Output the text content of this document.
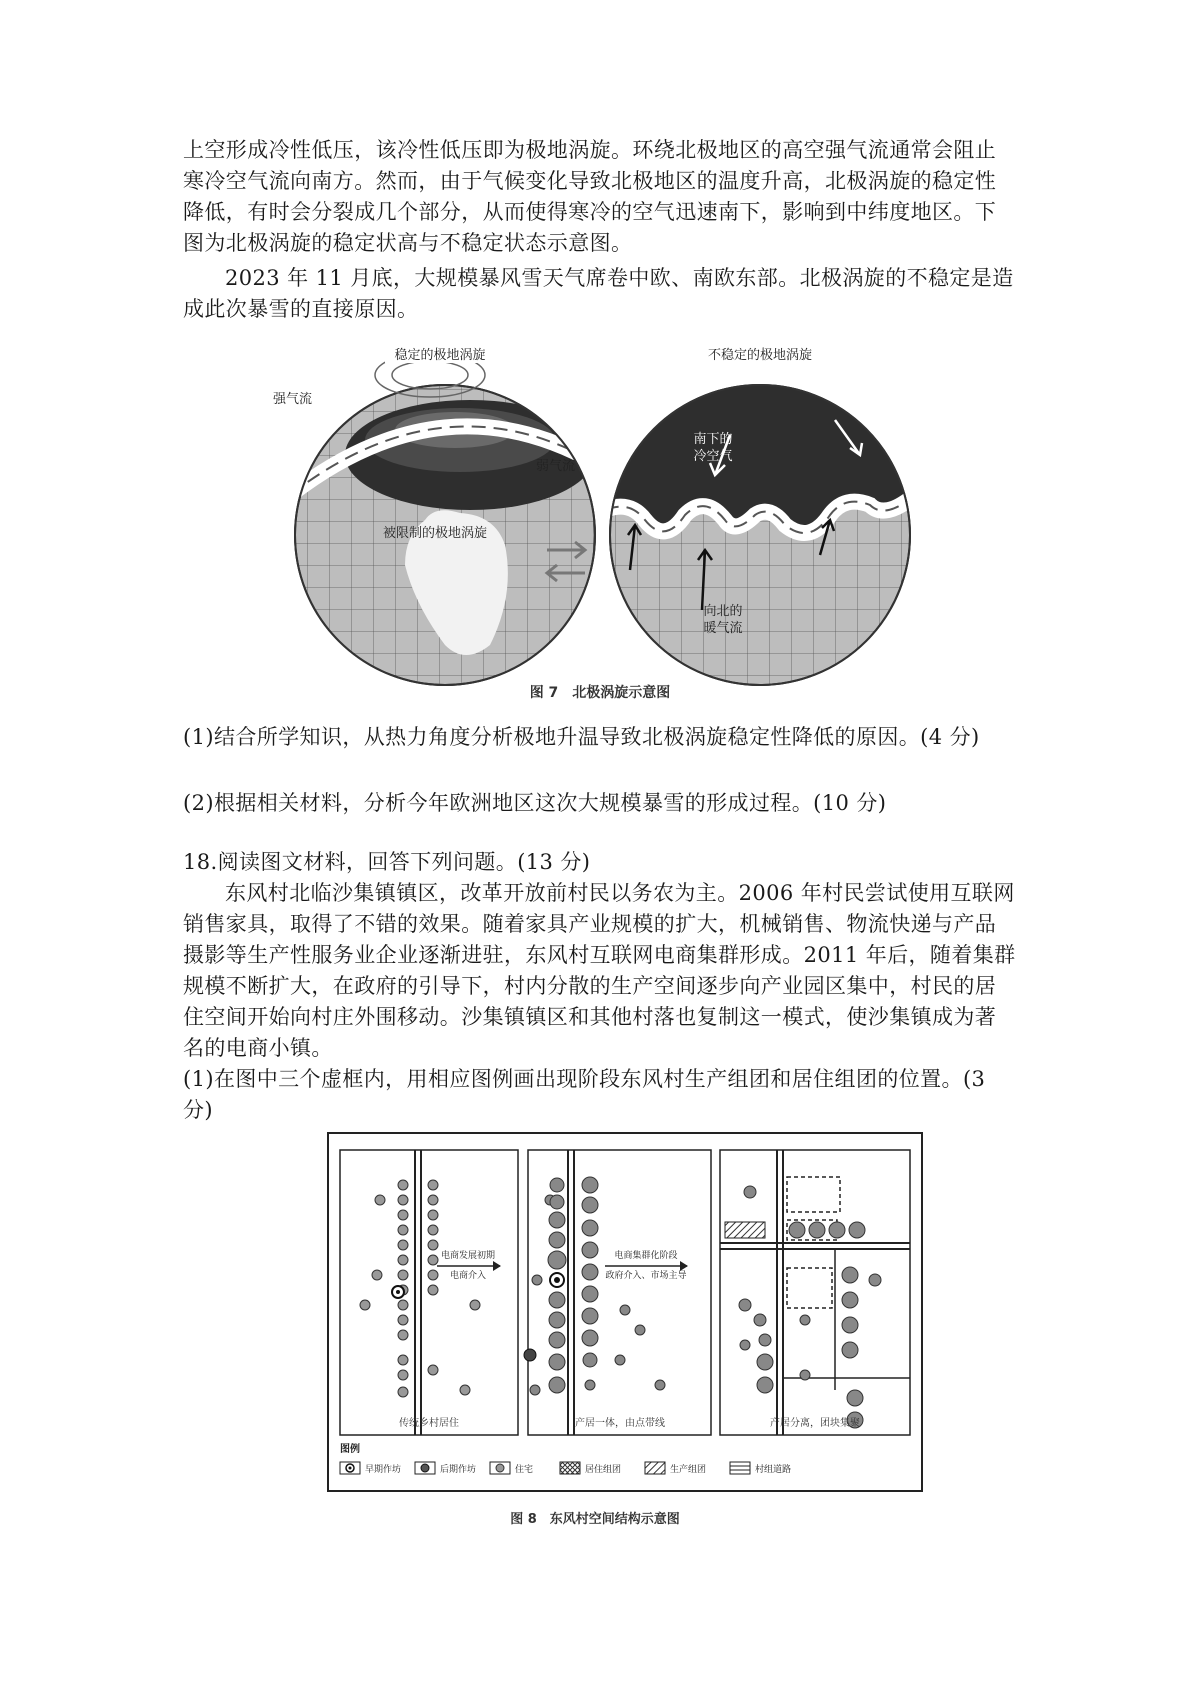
上空形成冷性低压，该冷性低压即为极地涡旋。环绕北极地区的高空强气流通常会阻止

寒冷空气流向南方。然而，由于气候变化导致北极地区的温度升高，北极涡旋的稳定性

降低，有时会分裂成几个部分，从而使得寒冷的空气迅速南下，影响到中纬度地区。下

图为北极涡旋的稳定状高与不稳定状态示意图。

2023 年 11 月底，大规模暴风雪天气席卷中欧、南欧东部。北极涡旋的不稳定是造

成此次暴雪的直接原因。

稳定的极地涡旋
强气流
被限制的极地涡旋
不稳定的极地涡旋
弱气流
南下的
冷空气
向北的
暖气流
图 7　北极涡旋示意图

(1)结合所学知识，从热力角度分析极地升温导致北极涡旋稳定性降低的原因。(4 分)

(2)根据相关材料，分析今年欧洲地区这次大规模暴雪的形成过程。(10 分)

18.阅读图文材料，回答下列问题。(13 分)

东风村北临沙集镇镇区，改革开放前村民以务农为主。2006 年村民尝试使用互联网

销售家具，取得了不错的效果。随着家具产业规模的扩大，机械销售、物流快递与产品

摄影等生产性服务业企业逐渐进驻，东风村互联网电商集群形成。2011 年后，随着集群

规模不断扩大，在政府的引导下，村内分散的生产空间逐步向产业园区集中，村民的居

住空间开始向村庄外围移动。沙集镇镇区和其他村落也复制这一模式，使沙集镇成为著

名的电商小镇。

(1)在图中三个虚框内，用相应图例画出现阶段东风村生产组团和居住组团的位置。(3

分)

传统乡村居住
电商发展初期
电商介入
产居一体，由点带线
电商集群化阶段
政府介入、市场主导
产居分离，团块集聚
图例
早期作坊	后期作坊	住宅	居住组团	生产组团	村组道路
图 8　东风村空间结构示意图
